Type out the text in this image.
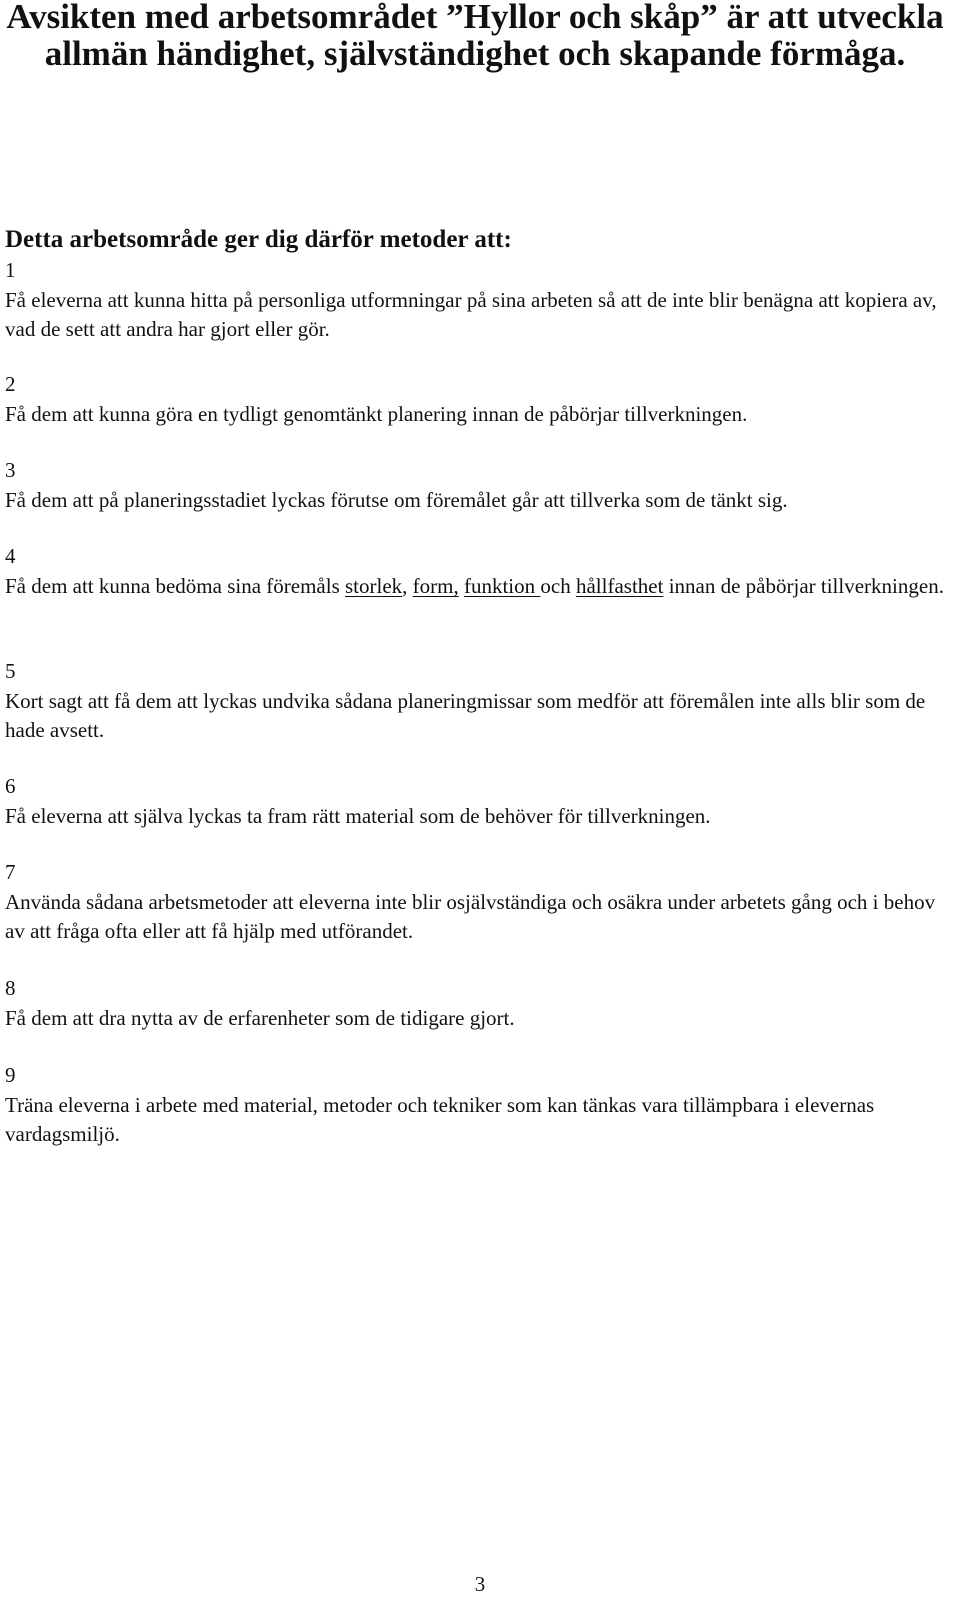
Avsikten med arbetsområdet ”Hyllor och skåp” är att utveckla allmän händighet, självständighet och skapande förmåga.

Detta arbetsområde ger dig därför metoder att:

1
Få eleverna att kunna hitta på personliga utformningar på sina arbeten så att de inte blir benägna att kopiera av, vad de sett att andra har gjort eller gör.
2
Få dem att kunna göra en tydligt genomtänkt planering innan de påbörjar tillverkningen.
3
Få dem att på planeringsstadiet lyckas förutse om föremålet går att tillverka som de tänkt sig.
4
Få dem att kunna bedöma sina föremåls storlek, form, funktion och hållfasthet innan de påbörjar tillverkningen.
5
Kort sagt att få dem att lyckas undvika sådana planeringmissar som medför att föremålen inte alls blir som de hade avsett.
6
Få eleverna att själva lyckas ta fram rätt material som de behöver för tillverkningen.
7
Använda sådana arbetsmetoder att eleverna inte blir osjälvständiga och osäkra under arbetets gång och i behov av att fråga ofta eller att få hjälp med utförandet.
8
Få dem att dra nytta av de erfarenheter som de tidigare gjort.
9
Träna eleverna i arbete med material, metoder och tekniker som kan tänkas vara tillämpbara i elevernas vardagsmiljö.
3
